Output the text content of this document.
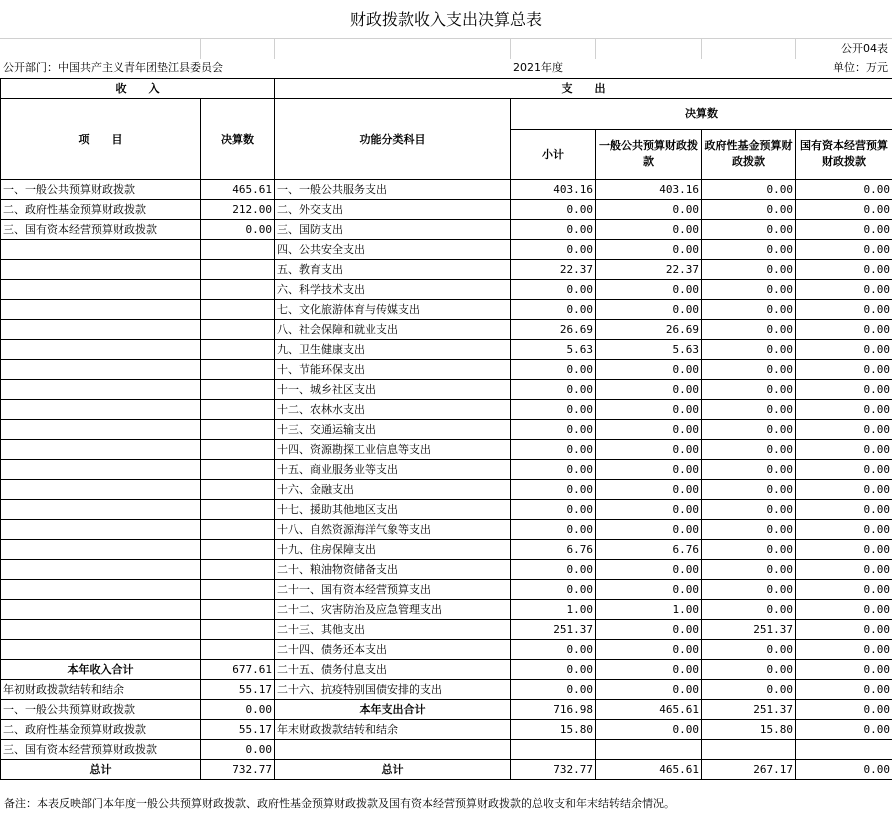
财政拨款收入支出决算总表
公开04表
公开部门：中国共产主义青年团垫江县委员会	2021年度	单位：万元
收　　入		支　　出				
项　　目	决算数	功能分类科目	决算数			
			小计	一般公共预算财政拨款	政府性基金预算财政拨款	国有资本经营预算财政拨款
一、一般公共预算财政拨款	465.61	一、一般公共服务支出	403.16	403.16	0.00	0.00
二、政府性基金预算财政拨款	212.00	二、外交支出	0.00	0.00	0.00	0.00
三、国有资本经营预算财政拨款	0.00	三、国防支出	0.00	0.00	0.00	0.00
		四、公共安全支出	0.00	0.00	0.00	0.00
		五、教育支出	22.37	22.37	0.00	0.00
		六、科学技术支出	0.00	0.00	0.00	0.00
		七、文化旅游体育与传媒支出	0.00	0.00	0.00	0.00
		八、社会保障和就业支出	26.69	26.69	0.00	0.00
		九、卫生健康支出	5.63	5.63	0.00	0.00
		十、节能环保支出	0.00	0.00	0.00	0.00
		十一、城乡社区支出	0.00	0.00	0.00	0.00
		十二、农林水支出	0.00	0.00	0.00	0.00
		十三、交通运输支出	0.00	0.00	0.00	0.00
		十四、资源勘探工业信息等支出	0.00	0.00	0.00	0.00
		十五、商业服务业等支出	0.00	0.00	0.00	0.00
		十六、金融支出	0.00	0.00	0.00	0.00
		十七、援助其他地区支出	0.00	0.00	0.00	0.00
		十八、自然资源海洋气象等支出	0.00	0.00	0.00	0.00
		十九、住房保障支出	6.76	6.76	0.00	0.00
		二十、粮油物资储备支出	0.00	0.00	0.00	0.00
		二十一、国有资本经营预算支出	0.00	0.00	0.00	0.00
		二十二、灾害防治及应急管理支出	1.00	1.00	0.00	0.00
		二十三、其他支出	251.37	0.00	251.37	0.00
		二十四、债务还本支出	0.00	0.00	0.00	0.00
本年收入合计	677.61	二十五、债务付息支出	0.00	0.00	0.00	0.00
年初财政拨款结转和结余	55.17	二十六、抗疫特别国债安排的支出	0.00	0.00	0.00	0.00
一、一般公共预算财政拨款	0.00	本年支出合计	716.98	465.61	251.37	0.00
二、政府性基金预算财政拨款	55.17	年末财政拨款结转和结余	15.80	0.00	15.80	0.00
三、国有资本经营预算财政拨款	0.00					
总计	732.77	总计	732.77	465.61	267.17	0.00
备注：本表反映部门本年度一般公共预算财政拨款、政府性基金预算财政拨款及国有资本经营预算财政拨款的总收支和年末结转结余情况。
